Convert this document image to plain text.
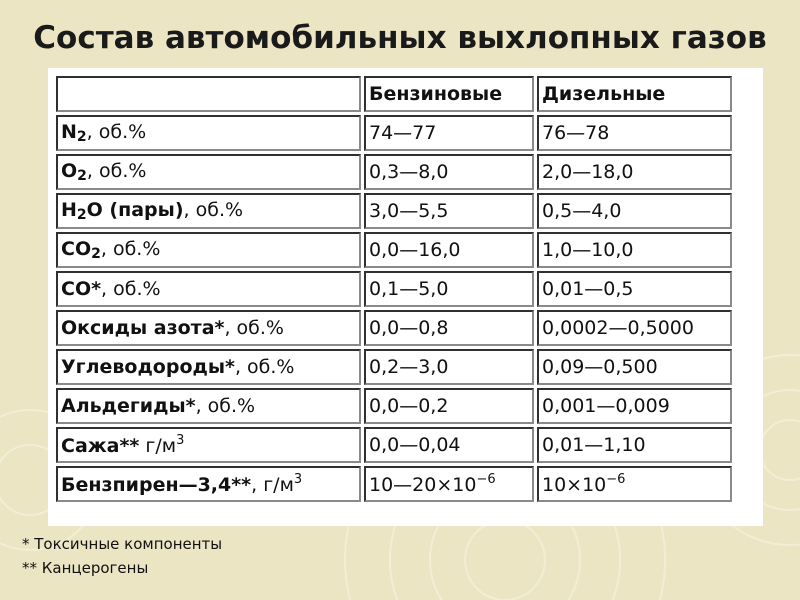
Состав автомобильных выхлопных газов
	Бензиновые	Дизельные
$N_2$, об.%	74—77	76—78
$O_2$, об.%	0,3—8,0	2,0—18,0
$H_2O$ (пары), об.%	3,0—5,5	0,5—4,0
$CO_2$, об.%	0,0—16,0	1,0—10,0
CO*, об.%	0,1—5,0	0,01—0,5
Оксиды азота*, об.%	0,0—0,8	0,0002—0,5000
Углеводороды*, об.%	0,2—3,0	0,09—0,500
Альдегиды*, об.%	0,0—0,2	0,001—0,009
Сажа** $г/м^3$	0,0—0,04	0,01—1,10
Бензпирен—3,4**, $г/м^3$	$10—20\times 10^{-6}$	$10\times 10^{-6}$
* Токсичные компоненты
** Канцерогены
